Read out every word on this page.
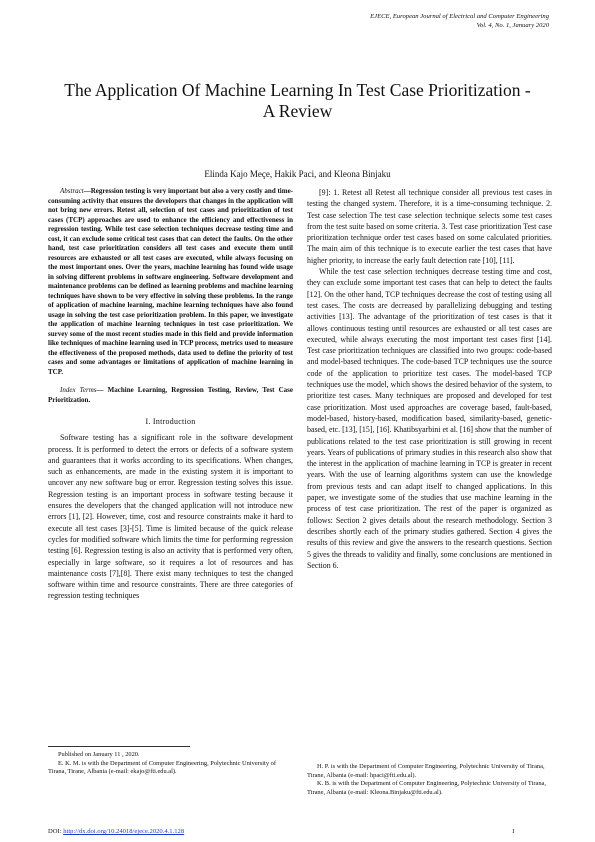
EJECE, European Journal of Electrical and Computer Engineering
Vol. 4, No. 1, January 2020
The Application Of Machine Learning In Test Case Prioritization - A Review
Elinda Kajo Meçe, Hakik Paci, and Kleona Binjaku

Abstract—Regression testing is very important but also a very costly and time-consuming activity that ensures the developers that changes in the application will not bring new errors. Retest all, selection of test cases and prioritization of test cases (TCP) approaches are used to enhance the efficiency and effectiveness in regression testing. While test case selection techniques decrease testing time and cost, it can exclude some critical test cases that can detect the faults. On the other hand, test case prioritization considers all test cases and execute them until resources are exhausted or all test cases are executed, while always focusing on the most important ones. Over the years, machine learning has found wide usage in solving different problems in software engineering. Software development and maintenance problems can be defined as learning problems and machine learning techniques have shown to be very effective in solving these problems. In the range of application of machine learning, machine learning techniques have also found usage in solving the test case prioritization problem. In this paper, we investigate the application of machine learning techniques in test case prioritization. We survey some of the most recent studies made in this field and provide information like techniques of machine learning used in TCP process, metrics used to measure the effectiveness of the proposed methods, data used to define the priority of test cases and some advantages or limitations of application of machine learning in TCP.

Index Terms— Machine Learning, Regression Testing, Review, Test Case Prioritization.

I. Introduction

Software testing has a significant role in the software development process. It is performed to detect the errors or defects of a software system and guarantees that it works according to its specifications. When changes, such as enhancements, are made in the existing system it is important to uncover any new software bug or error. Regression testing solves this issue. Regression testing is an important process in software testing because it ensures the developers that the changed application will not introduce new errors [1], [2]. However, time, cost and resource constraints make it hard to execute all test cases [3]-[5]. Time is limited because of the quick release cycles for modified software which limits the time for performing regression testing [6]. Regression testing is also an activity that is performed very often, especially in large software, so it requires a lot of resources and has maintenance costs [7],[8]. There exist many techniques to test the changed software within time and resource constraints. There are three categories of regression testing techniques

[9]: 1. Retest all Retest all technique consider all previous test cases in testing the changed system. Therefore, it is a time-consuming technique. 2. Test case selection The test case selection technique selects some test cases from the test suite based on some criteria. 3. Test case prioritization Test case prioritization technique order test cases based on some calculated priorities. The main aim of this technique is to execute earlier the test cases that have higher priority, to increase the early fault detection rate [10], [11].

While the test case selection techniques decrease testing time and cost, they can exclude some important test cases that can help to detect the faults [12]. On the other hand, TCP techniques decrease the cost of testing using all test cases. The costs are decreased by parallelizing debugging and testing activities [13]. The advantage of the prioritization of test cases is that it allows continuous testing until resources are exhausted or all test cases are executed, while always executing the most important test cases first [14]. Test case prioritization techniques are classified into two groups: code-based and model-based techniques. The code-based TCP techniques use the source code of the application to prioritize test cases. The model-based TCP techniques use the model, which shows the desired behavior of the system, to prioritize test cases. Many techniques are proposed and developed for test case prioritization. Most used approaches are coverage based, fault-based, model-based, history-based, modification based, similarity-based, genetic-based, etc. [13], [15], [16]. Khatibsyarbini et al. [16] show that the number of publications related to the test case prioritization is still growing in recent years. Years of publications of primary studies in this research also show that the interest in the application of machine learning in TCP is greater in recent years. With the use of learning algorithms system can use the knowledge from previous tests and can adapt itself to changed applications. In this paper, we investigate some of the studies that use machine learning in the process of test case prioritization. The rest of the paper is organized as follows: Section 2 gives details about the research methodology. Section 3 describes shortly each of the primary studies gathered. Section 4 gives the results of this review and give the answers to the research questions. Section 5 gives the threads to validity and finally, some conclusions are mentioned in Section 6.

Published on January 11 , 2020.

E. K. M. is with the Department of Computer Engineering, Polytechnic University of Tirana, Tirane, Albania (e-mail: ekajo@fti.edu.al).

H. P. is with the Department of Computer Engineering, Polytechnic University of Tirana, Tirane, Albania (e-mail: hpaci@fti.edu.al).

K. B. is with the Department of Computer Engineering, Polytechnic University of Tirana, Tirane, Albania (e-mail: Kleona.Binjaku@fti.edu.al).

DOI: http://dx.doi.org/10.24018/ejece.2020.4.1.128	1
